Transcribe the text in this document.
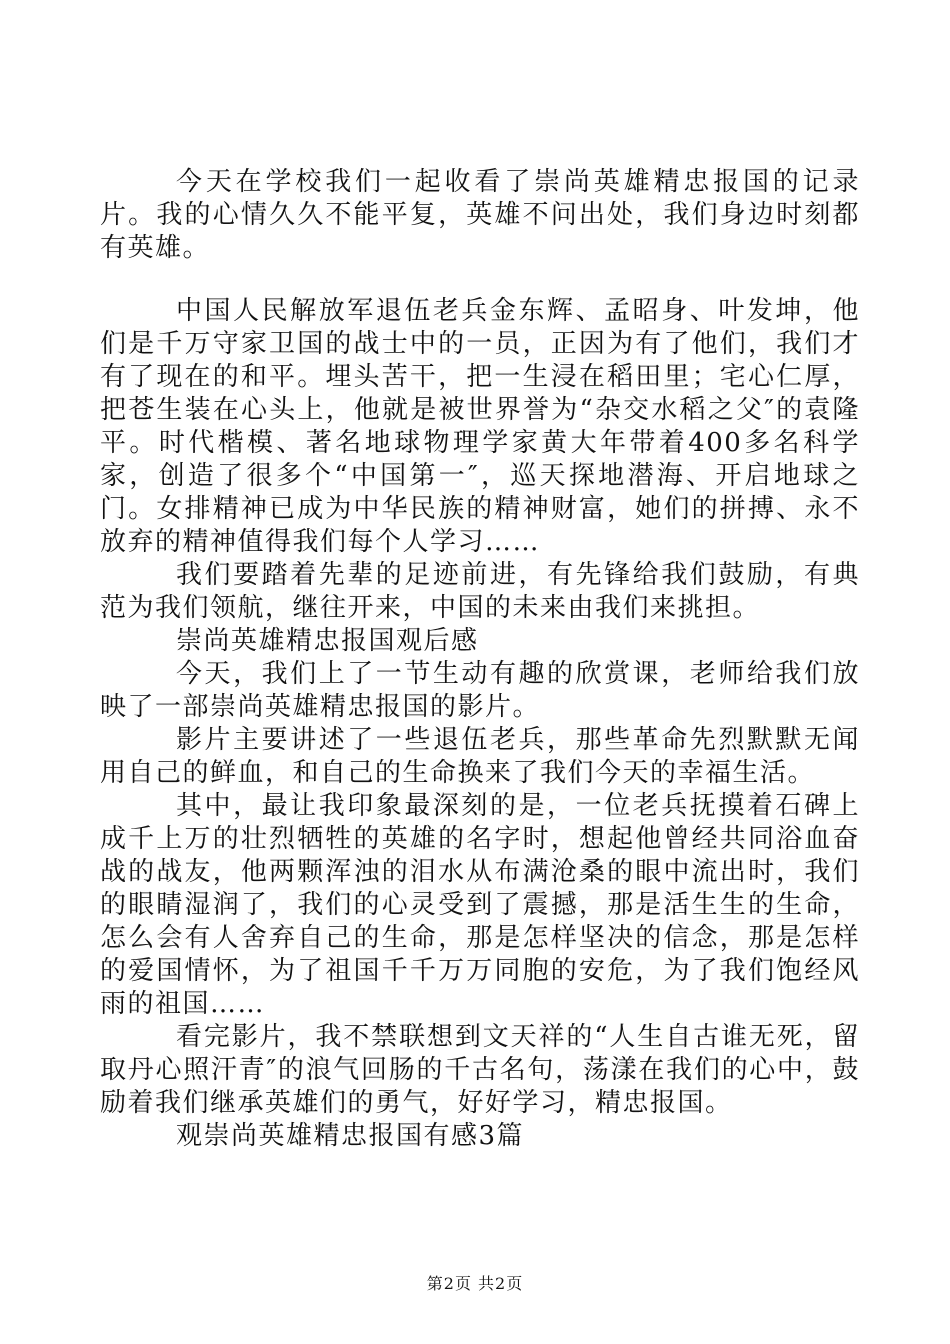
今天在学校我们一起收看了崇尚英雄精忠报国的记录片。我的心情久久不能平复，英雄不问出处，我们身边时刻都有英雄。

中国人民解放军退伍老兵金东辉、孟昭身、叶发坤，他们是千万守家卫国的战士中的一员，正因为有了他们，我们才有了现在的和平。埋头苦干，把一生浸在稻田里；宅心仁厚，把苍生装在心头上，他就是被世界誉为“杂交水稻之父″的袁隆平。时代楷模、著名地球物理学家黄大年带着400多名科学家，创造了很多个“中国第一″，巡天探地潜海、开启地球之门。女排精神已成为中华民族的精神财富，她们的拼搏、永不放弃的精神值得我们每个人学习……

我们要踏着先辈的足迹前进，有先锋给我们鼓励，有典范为我们领航，继往开来，中国的未来由我们来挑担。

崇尚英雄精忠报国观后感

今天，我们上了一节生动有趣的欣赏课，老师给我们放映了一部崇尚英雄精忠报国的影片。

影片主要讲述了一些退伍老兵，那些革命先烈默默无闻用自己的鲜血，和自己的生命换来了我们今天的幸福生活。

其中，最让我印象最深刻的是，一位老兵抚摸着石碑上成千上万的壮烈牺牲的英雄的名字时，想起他曾经共同浴血奋战的战友，他两颗浑浊的泪水从布满沧桑的眼中流出时，我们的眼睛湿润了，我们的心灵受到了震撼，那是活生生的生命，怎么会有人舍弃自己的生命，那是怎样坚决的信念，那是怎样的爱国情怀，为了祖国千千万万同胞的安危，为了我们饱经风雨的祖国……

看完影片，我不禁联想到文天祥的“人生自古谁无死，留取丹心照汗青″的浪气回肠的千古名句，荡漾在我们的心中，鼓励着我们继承英雄们的勇气，好好学习，精忠报国。

观崇尚英雄精忠报国有感3篇

第2页 共2页
